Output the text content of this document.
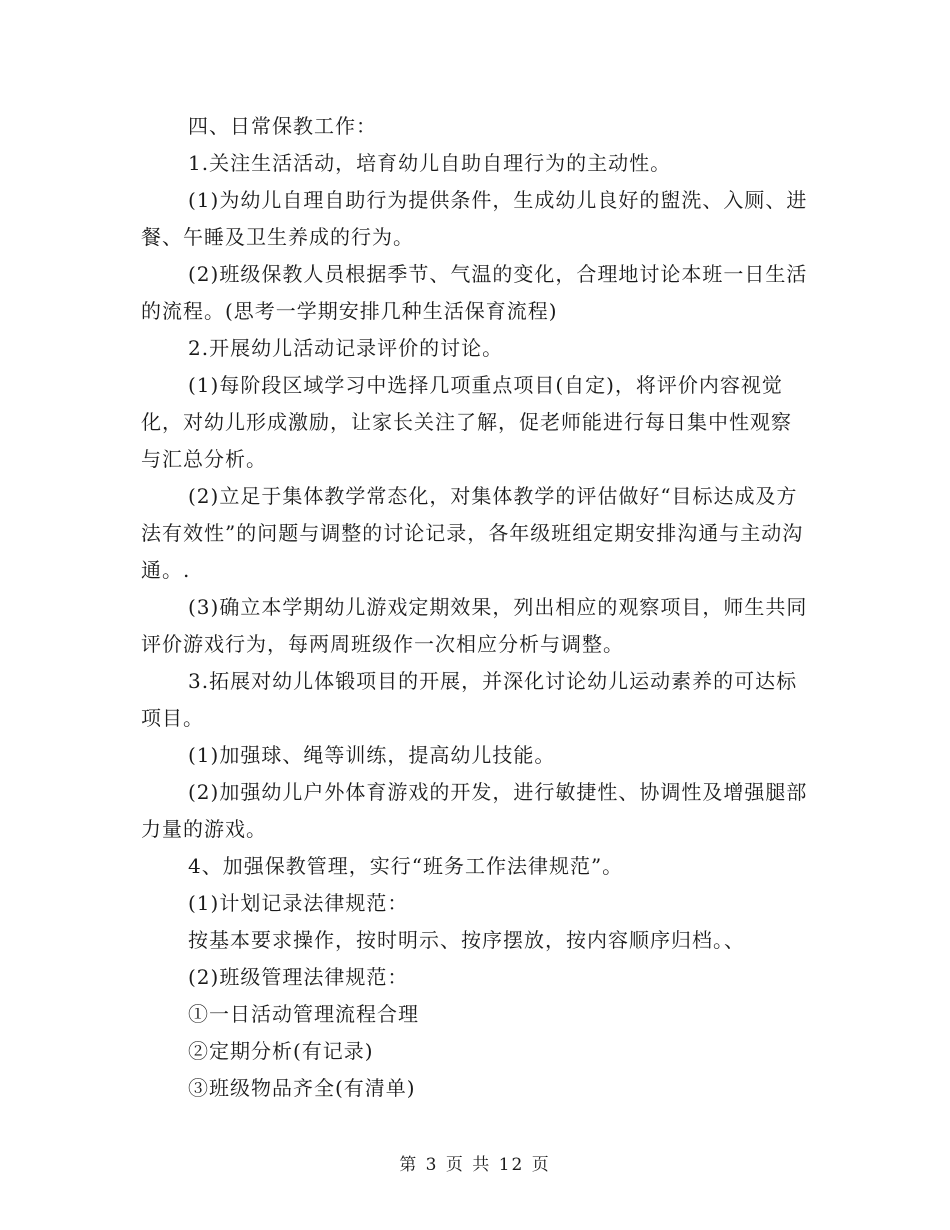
四、日常保教工作：

1.关注生活活动，培育幼儿自助自理行为的主动性。

(1)为幼儿自理自助行为提供条件，生成幼儿良好的盥洗、入厕、进餐、午睡及卫生养成的行为。

(2)班级保教人员根据季节、气温的变化，合理地讨论本班一日生活的流程。(思考一学期安排几种生活保育流程)

2.开展幼儿活动记录评价的讨论。

(1)每阶段区域学习中选择几项重点项目(自定)，将评价内容视觉化，对幼儿形成激励，让家长关注了解，促老师能进行每日集中性观察与汇总分析。

(2)立足于集体教学常态化，对集体教学的评估做好“目标达成及方法有效性”的问题与调整的讨论记录，各年级班组定期安排沟通与主动沟通。.

(3)确立本学期幼儿游戏定期效果，列出相应的观察项目，师生共同评价游戏行为，每两周班级作一次相应分析与调整。

3.拓展对幼儿体锻项目的开展，并深化讨论幼儿运动素养的可达标项目。

(1)加强球、绳等训练，提高幼儿技能。

(2)加强幼儿户外体育游戏的开发，进行敏捷性、协调性及增强腿部力量的游戏。

4、加强保教管理，实行“班务工作法律规范”。

(1)计划记录法律规范：

按基本要求操作，按时明示、按序摆放，按内容顺序归档。、

(2)班级管理法律规范：

①一日活动管理流程合理

②定期分析(有记录)

③班级物品齐全(有清单)

第 3 页 共 12 页
